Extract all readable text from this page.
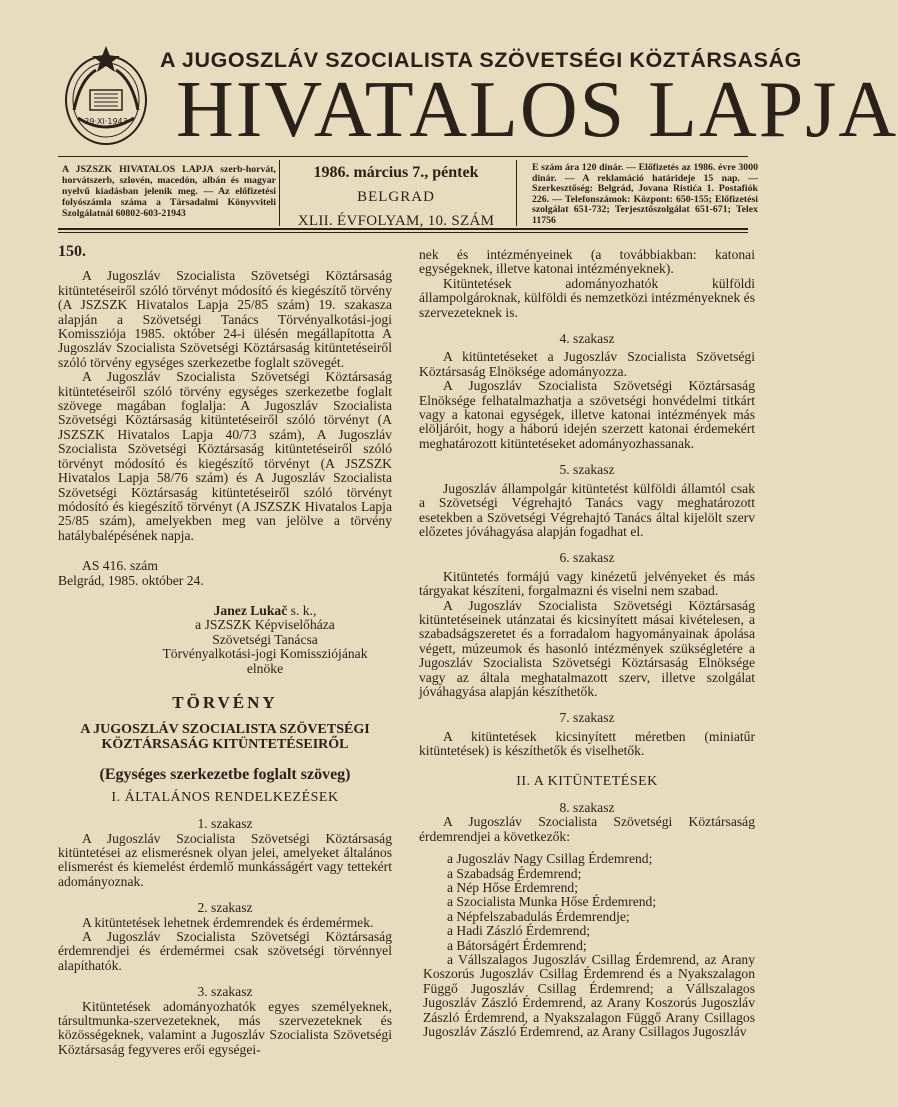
29·XI·1943
A JUGOSZLÁV SZOCIALISTA SZÖVETSÉGI KÖZTÁRSASÁG
HIVATALOS LAPJA
A JSZSZK HIVATALOS LAPJA szerb-horvát, horvátszerb, szlovén, macedón, albán és magyar nyelvű kiadásban jelenik meg. — Az előfizetési folyószámla száma a Társadalmi Könyvviteli Szolgálatnál 60802-603-21943
1986. március 7., péntek
BELGRAD
XLII. ÉVFOLYAM, 10. SZÁM
E szám ára 120 dinár. — Előfizetés az 1986. évre 3000 dinár. — A reklamáció határideje 15 nap. — Szerkesztőség: Belgrád, Jovana Ristića 1. Postafiók 226. — Telefonszámok: Központ: 650-155; Előfizetési szolgálat 651-732; Terjesztőszolgálat 651-671; Telex 11756

150.

A Jugoszláv Szocialista Szövetségi Köztársaság kitüntetéseiről szóló törvényt módosító és kiegészítő törvény (A JSZSZK Hivatalos Lapja 25/85 szám) 19. szakasza alapján a Szövetségi Tanács Törvényalkotási-jogi Komissziója 1985. október 24-i ülésén megállapította A Jugoszláv Szocialista Szövetségi Köztársaság kitüntetéseiről szóló törvény egységes szerkezetbe foglalt szövegét.

A Jugoszláv Szocialista Szövetségi Köztársaság kitüntetéseiről szóló törvény egységes szerkezetbe foglalt szövege magában foglalja: A Jugoszláv Szocialista Szövetségi Köztársaság kitüntetéseiről szóló törvényt (A JSZSZK Hivatalos Lapja 40/73 szám), A Jugoszláv Szocialista Szövetségi Köztársaság kitüntetéseiről szóló törvényt módosító és kiegészítő törvényt (A JSZSZK Hivatalos Lapja 58/76 szám) és A Jugoszláv Szocialista Szövetségi Köztársaság kitüntetéseiről szóló törvényt módosító és kiegészítő törvényt (A JSZSZK Hivatalos Lapja 25/85 szám), amelyekben meg van jelölve a törvény hatálybalépésének napja.

AS 416. szám

Belgrád, 1985. október 24.

Janez Lukač s. k.,

a JSZSZK Képviselőháza

Szövetségi Tanácsa

Törvényalkotási-jogi Komissziójának

elnöke

TÖRVÉNY

A JUGOSZLÁV SZOCIALISTA SZÖVETSÉGI KÖZTÁRSASÁG KITÜNTETÉSEIRŐL

(Egységes szerkezetbe foglalt szöveg)

I. ÁLTALÁNOS RENDELKEZÉSEK

1. szakasz

A Jugoszláv Szocialista Szövetségi Köztársaság kitüntetései az elismerésnek olyan jelei, amelyeket általános elismerést és kiemelést érdemlő munkásságért vagy tettekért adományoznak.

2. szakasz

A kitüntetések lehetnek érdemrendek és érdemérmek.

A Jugoszláv Szocialista Szövetségi Köztársaság érdemrendjei és érdemérmei csak szövetségi törvénnyel alapíthatók.

3. szakasz

Kitüntetések adományozhatók egyes személyeknek, társultmunka-szervezeteknek, más szervezeteknek és közösségeknek, valamint a Jugoszláv Szocialista Szövetségi Köztársaság fegyveres erői egységei-

nek és intézményeinek (a továbbiakban: katonai egységeknek, illetve katonai intézményeknek).

Kitüntetések adományozhatók külföldi állampolgároknak, külföldi és nemzetközi intézményeknek és szervezeteknek is.

4. szakasz

A kitüntetéseket a Jugoszláv Szocialista Szövetségi Köztársaság Elnöksége adományozza.

A Jugoszláv Szocialista Szövetségi Köztársaság Elnöksége felhatalmazhatja a szövetségi honvédelmi titkárt vagy a katonai egységek, illetve katonai intézmények más elöljáróit, hogy a háború idején szerzett katonai érdemekért meghatározott kitüntetéseket adományozhassanak.

5. szakasz

Jugoszláv állampolgár kitüntetést külföldi államtól csak a Szövetségi Végrehajtó Tanács vagy meghatározott esetekben a Szövetségi Végrehajtó Tanács által kijelölt szerv előzetes jóváhagyása alapján fogadhat el.

6. szakasz

Kitüntetés formájú vagy kinézetű jelvényeket és más tárgyakat készíteni, forgalmazni és viselni nem szabad.

A Jugoszláv Szocialista Szövetségi Köztársaság kitüntetéseinek utánzatai és kicsinyített másai kivételesen, a szabadságszeretet és a forradalom hagyományainak ápolása végett, múzeumok és hasonló intézmények szükségletére a Jugoszláv Szocialista Szövetségi Köztársaság Elnöksége vagy az általa meghatalmazott szerv, illetve szolgálat jóváhagyása alapján készíthetők.

7. szakasz

A kitüntetések kicsinyített méretben (miniatűr kitüntetések) is készíthetők és viselhetők.

II. A KITÜNTETÉSEK

8. szakasz

A Jugoszláv Szocialista Szövetségi Köztársaság érdemrendjei a következők:

a Jugoszláv Nagy Csillag Érdemrend;

a Szabadság Érdemrend;

a Nép Hőse Érdemrend;

a Szocialista Munka Hőse Érdemrend;

a Népfelszabadulás Érdemrendje;

a Hadi Zászló Érdemrend;

a Bátorságért Érdemrend;

a Vállszalagos Jugoszláv Csillag Érdemrend, az Arany Koszorús Jugoszláv Csillag Érdemrend és a Nyakszalagon Függő Jugoszláv Csillag Érdemrend; a Vállszalagos Jugoszláv Zászló Érdemrend, az Arany Koszorús Jugoszláv Zászló Érdemrend, a Nyakszalagon Függő Arany Csillagos Jugoszláv Zászló Érdemrend, az Arany Csillagos Jugoszláv
